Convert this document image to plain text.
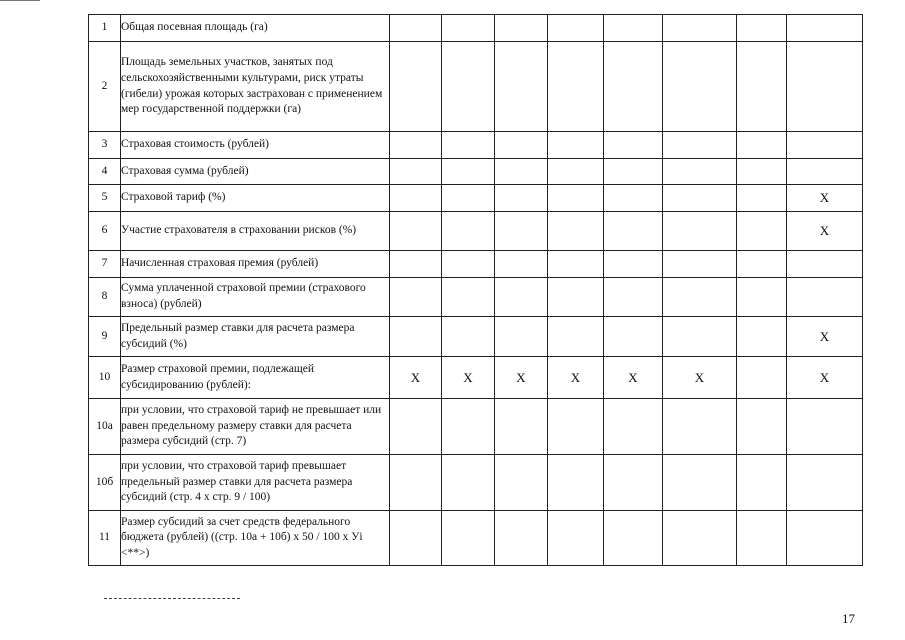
1	Общая посевная площадь (га)								
2	Площадь земельных участков, занятых под сельскохозяйственными культурами, риск утраты (гибели) урожая которых застрахован с применением мер государственной поддержки (га)								
3	Страховая стоимость (рублей)								
4	Страховая сумма (рублей)								
5	Страховой тариф (%)								X
6	Участие страхователя в страховании рисков (%)								X
7	Начисленная страховая премия (рублей)								
8	Сумма уплаченной страховой премии (страхового взноса) (рублей)								
9	Предельный размер ставки для расчета размера субсидий (%)								X
10	Размер страховой премии, подлежащей субсидированию (рублей):	X	X	X	X	X	X		X
10а	при условии, что страховой тариф не превышает или равен предельному размеру ставки для расчета размера субсидий (стр. 7)								
10б	при условии, что страховой тариф превышает предельный размер ставки для расчета размера субсидий (стр. 4 x стр. 9 / 100)								
11	Размер субсидий за счет средств федерального бюджета (рублей) ((стр. 10а + 10б) x 50 / 100 x Уi <**>)								
17
